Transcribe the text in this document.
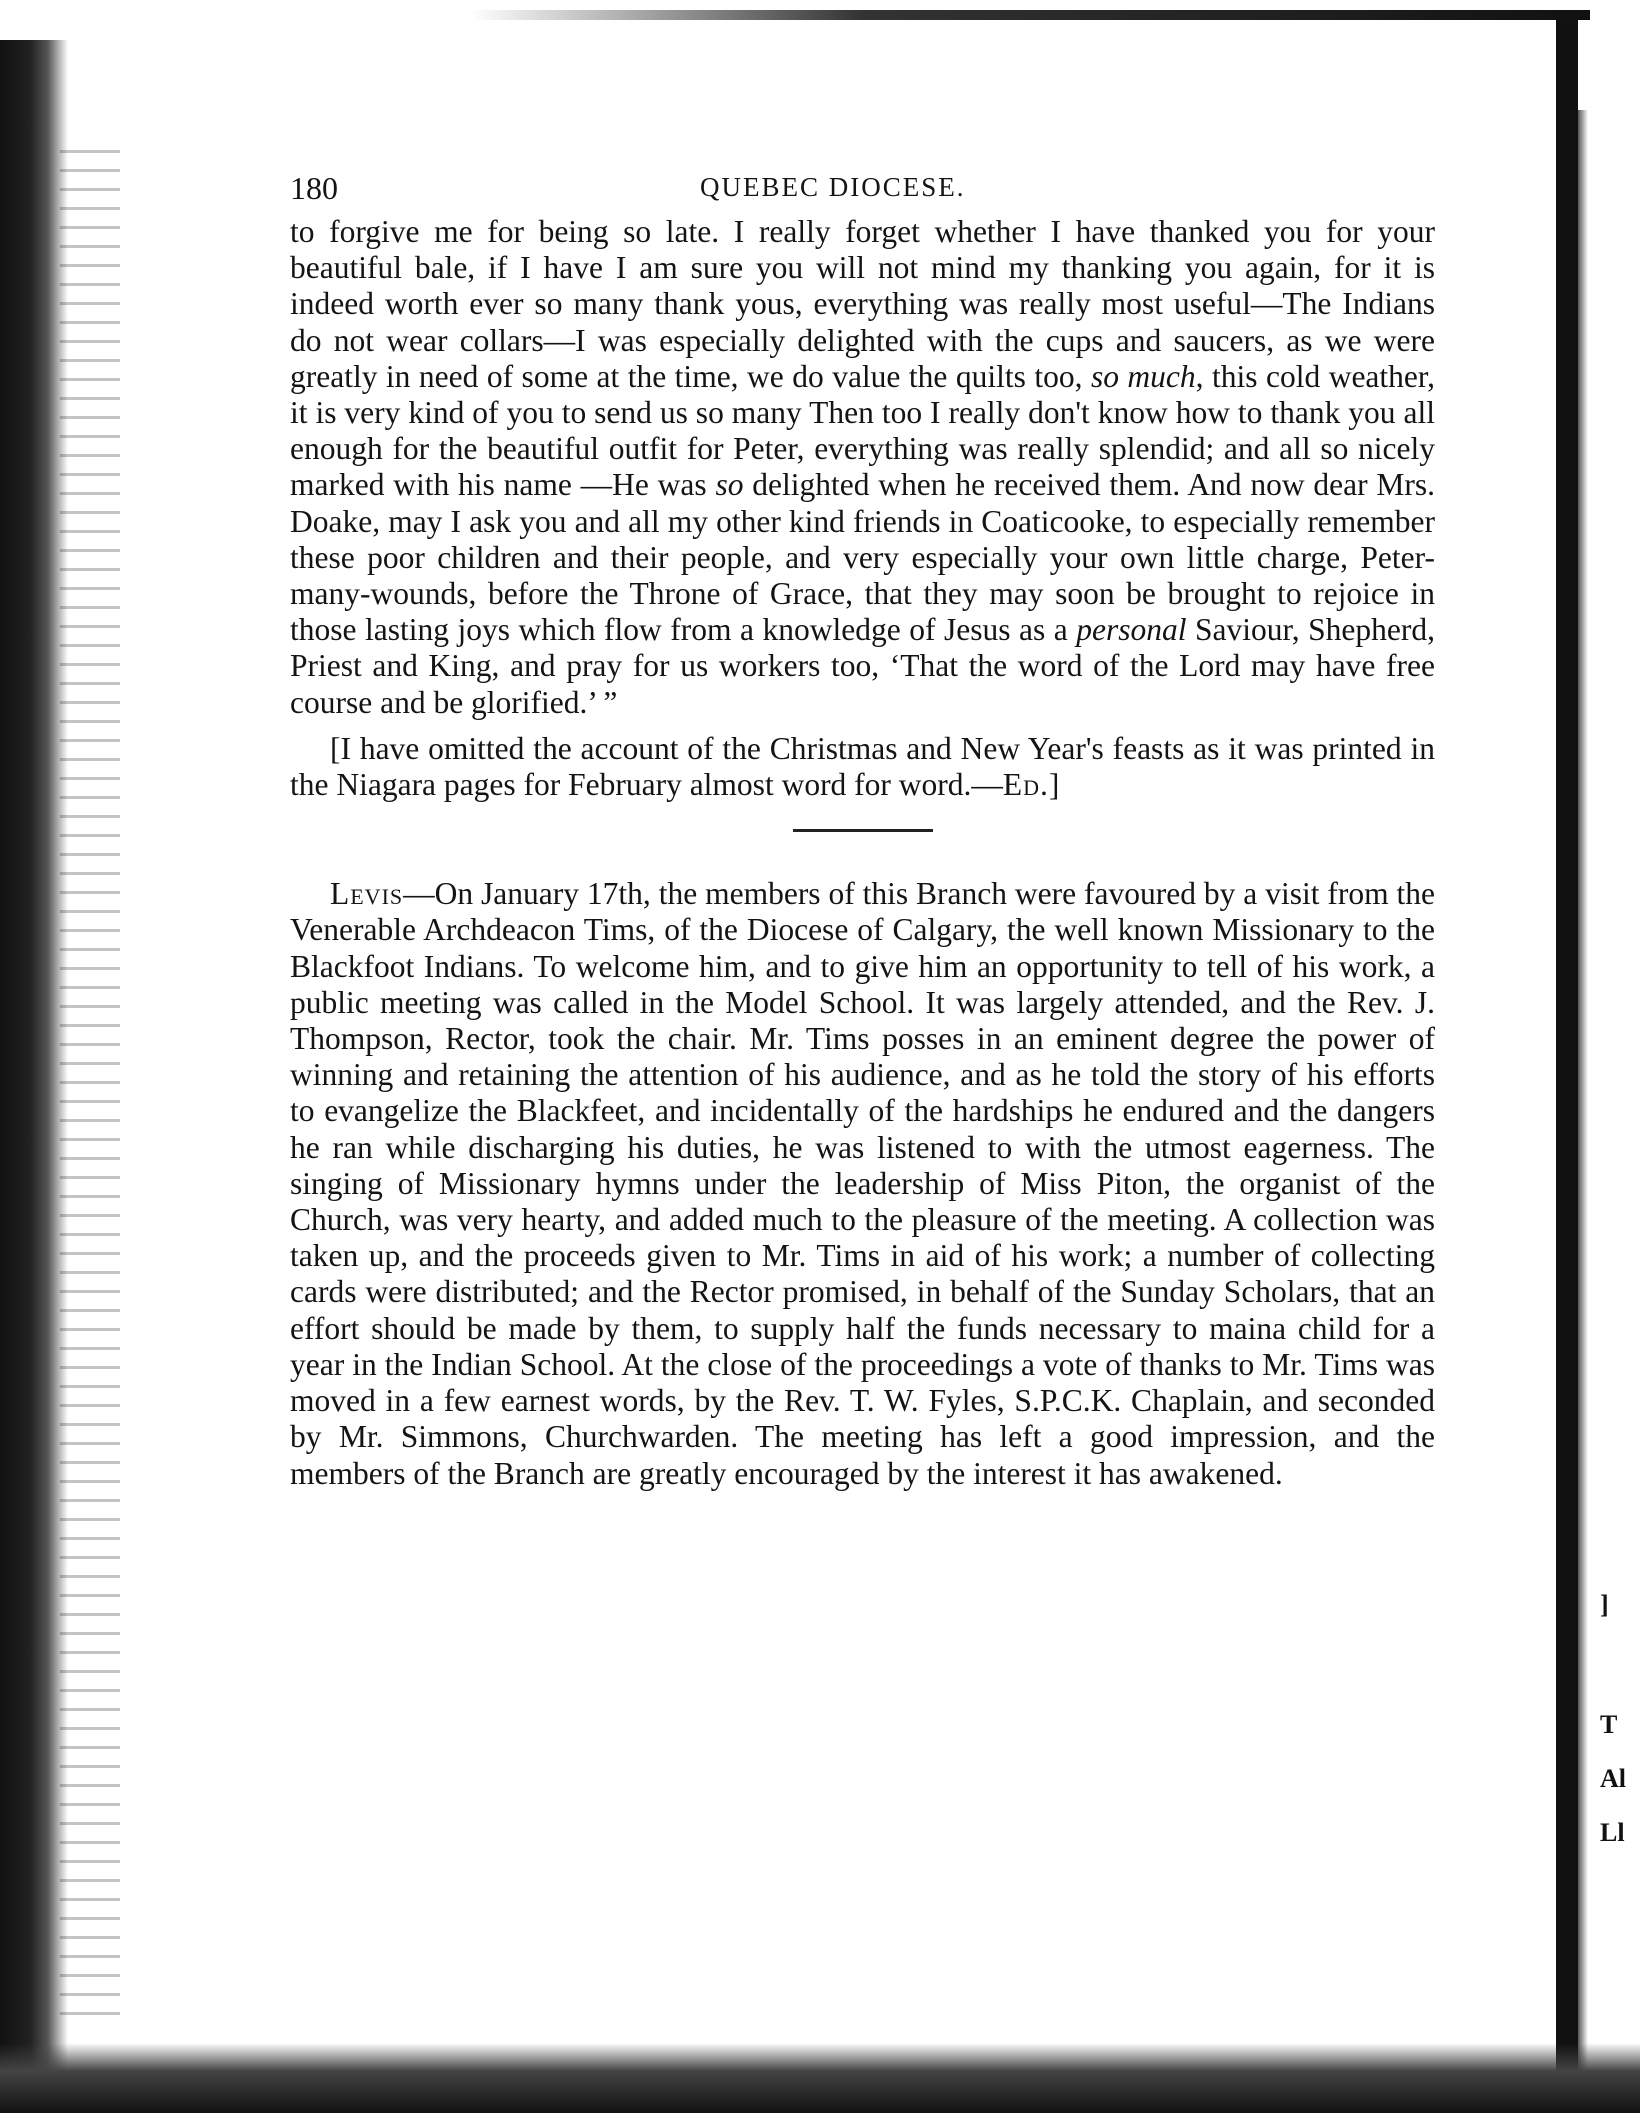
]
T
Al
Ll
180	QUEBEC DIOCESE.

to forgive me for being so late. I really forget whether I have thanked you for your beautiful bale, if I have I am sure you will not mind my thanking you again, for it is indeed worth ever so many thank yous, everything was really most useful—The Indians do not wear collars—I was especially delighted with the cups and saucers, as we were greatly in need of some at the time, we do value the quilts too, so much, this cold weather, it is very kind of you to send us so many Then too I really don't know how to thank you all enough for the beautiful outfit for Peter, everything was really splendid; and all so nicely marked with his name —He was so delighted when he received them. And now dear Mrs. Doake, may I ask you and all my other kind friends in Coaticooke, to especially remember these poor children and their people, and very especially your own little charge, Peter-many-wounds, before the Throne of Grace, that they may soon be brought to rejoice in those lasting joys which flow from a knowledge of Jesus as a personal Saviour, Shepherd, Priest and King, and pray for us workers too, ‘That the word of the Lord may have free course and be glorified.’ ”

[I have omitted the account of the Christmas and New Year's feasts as it was printed in the Niagara pages for February almost word for word.—Ed.]

Levis—On January 17th, the members of this Branch were favoured by a visit from the Venerable Archdeacon Tims, of the Diocese of Calgary, the well known Missionary to the Blackfoot Indians. To welcome him, and to give him an opportunity to tell of his work, a public meeting was called in the Model School. It was largely attended, and the Rev. J. Thompson, Rector, took the chair. Mr. Tims posses in an eminent degree the power of winning and retaining the attention of his audience, and as he told the story of his efforts to evangelize the Blackfeet, and incidentally of the hardships he endured and the dangers he ran while discharging his duties, he was listened to with the utmost eagerness. The singing of Missionary hymns under the leadership of Miss Piton, the organist of the Church, was very hearty, and added much to the pleasure of the meeting. A collection was taken up, and the proceeds given to Mr. Tims in aid of his work; a number of collecting cards were distributed; and the Rector promised, in behalf of the Sunday Scholars, that an effort should be made by them, to supply half the funds necessary to maina child for a year in the Indian School. At the close of the proceedings a vote of thanks to Mr. Tims was moved in a few earnest words, by the Rev. T. W. Fyles, S.P.C.K. Chaplain, and seconded by Mr. Simmons, Churchwarden. The meeting has left a good impression, and the members of the Branch are greatly encouraged by the interest it has awakened.
